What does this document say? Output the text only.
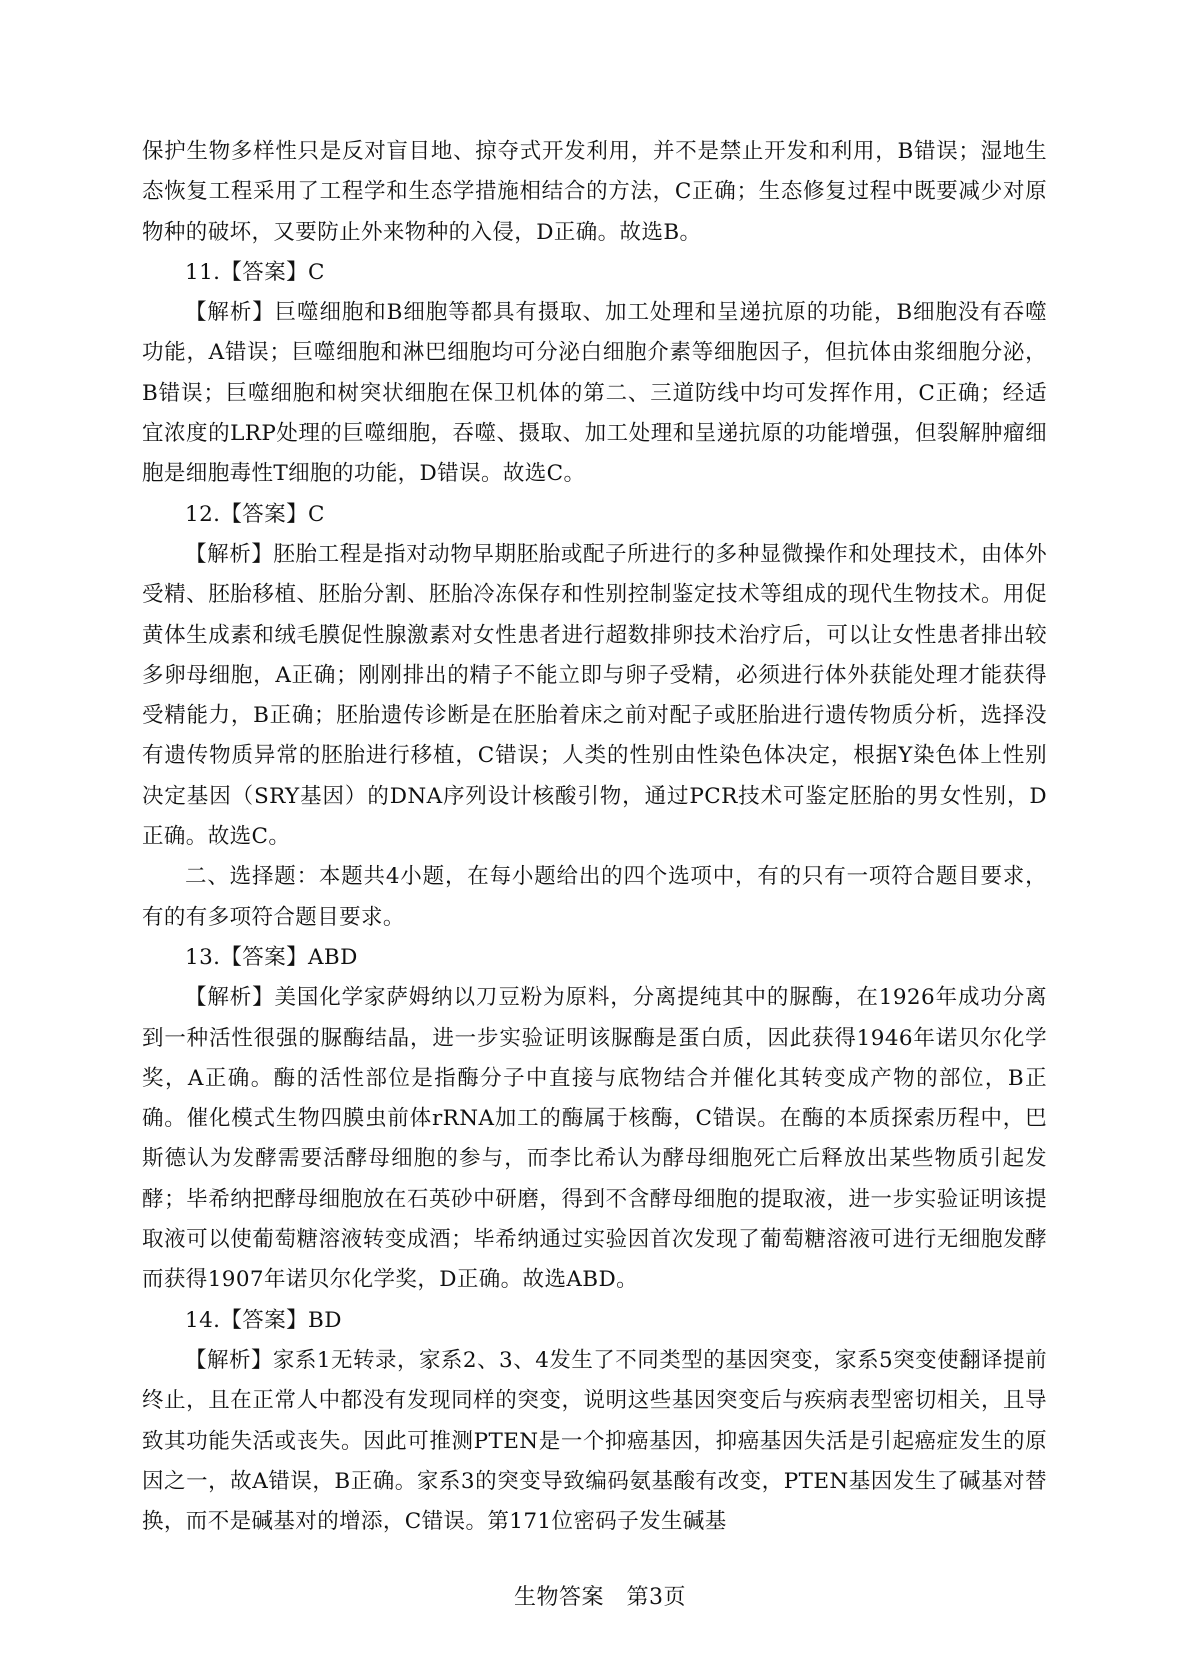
保护生物多样性只是反对盲目地、掠夺式开发利用，并不是禁止开发和利用，B错误；湿地生态恢复工程采用了工程学和生态学措施相结合的方法，C正确；生态修复过程中既要减少对原物种的破坏，又要防止外来物种的入侵，D正确。故选B。

11.【答案】C

【解析】巨噬细胞和B细胞等都具有摄取、加工处理和呈递抗原的功能，B细胞没有吞噬功能，A错误；巨噬细胞和淋巴细胞均可分泌白细胞介素等细胞因子，但抗体由浆细胞分泌，B错误；巨噬细胞和树突状细胞在保卫机体的第二、三道防线中均可发挥作用，C正确；经适宜浓度的LRP处理的巨噬细胞，吞噬、摄取、加工处理和呈递抗原的功能增强，但裂解肿瘤细胞是细胞毒性T细胞的功能，D错误。故选C。

12.【答案】C

【解析】胚胎工程是指对动物早期胚胎或配子所进行的多种显微操作和处理技术，由体外受精、胚胎移植、胚胎分割、胚胎冷冻保存和性别控制鉴定技术等组成的现代生物技术。用促黄体生成素和绒毛膜促性腺激素对女性患者进行超数排卵技术治疗后，可以让女性患者排出较多卵母细胞，A正确；刚刚排出的精子不能立即与卵子受精，必须进行体外获能处理才能获得受精能力，B正确；胚胎遗传诊断是在胚胎着床之前对配子或胚胎进行遗传物质分析，选择没有遗传物质异常的胚胎进行移植，C错误；人类的性别由性染色体决定，根据Y染色体上性别决定基因（SRY基因）的DNA序列设计核酸引物，通过PCR技术可鉴定胚胎的男女性别，D正确。故选C。

二、选择题：本题共4小题，在每小题给出的四个选项中，有的只有一项符合题目要求，有的有多项符合题目要求。

13.【答案】ABD

【解析】美国化学家萨姆纳以刀豆粉为原料，分离提纯其中的脲酶，在1926年成功分离到一种活性很强的脲酶结晶，进一步实验证明该脲酶是蛋白质，因此获得1946年诺贝尔化学奖，A正确。酶的活性部位是指酶分子中直接与底物结合并催化其转变成产物的部位，B正确。催化模式生物四膜虫前体rRNA加工的酶属于核酶，C错误。在酶的本质探索历程中，巴斯德认为发酵需要活酵母细胞的参与，而李比希认为酵母细胞死亡后释放出某些物质引起发酵；毕希纳把酵母细胞放在石英砂中研磨，得到不含酵母细胞的提取液，进一步实验证明该提取液可以使葡萄糖溶液转变成酒；毕希纳通过实验因首次发现了葡萄糖溶液可进行无细胞发酵而获得1907年诺贝尔化学奖，D正确。故选ABD。

14.【答案】BD

【解析】家系1无转录，家系2、3、4发生了不同类型的基因突变，家系5突变使翻译提前终止，且在正常人中都没有发现同样的突变，说明这些基因突变后与疾病表型密切相关，且导致其功能失活或丧失。因此可推测PTEN是一个抑癌基因，抑癌基因失活是引起癌症发生的原因之一，故A错误，B正确。家系3的突变导致编码氨基酸有改变，PTEN基因发生了碱基对替换，而不是碱基对的增添，C错误。第171位密码子发生碱基

生物答案　第3页
